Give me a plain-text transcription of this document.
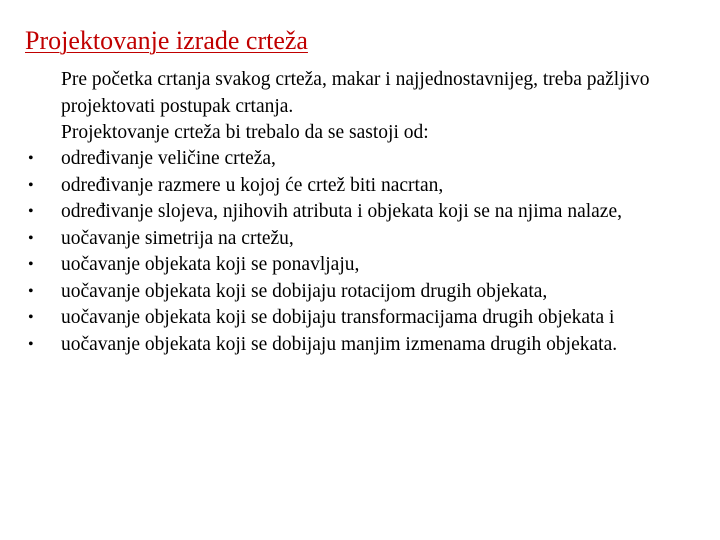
Projektovanje izrade crteža

Pre početka crtanja svakog crteža, makar i najjednostavnijeg, treba pažljivo projektovati postupak crtanja.

Projektovanje crteža bi trebalo da se sastoji od:

• određivanje veličine crteža,
• određivanje razmere u kojoj će crtež biti nacrtan,
• određivanje slojeva, njihovih atributa i objekata koji se na njima nalaze,
• uočavanje simetrija na crtežu,
• uočavanje objekata koji se ponavljaju,
• uočavanje objekata koji se dobijaju rotacijom drugih objekata,
• uočavanje objekata koji se dobijaju transformacijama drugih objekata i
• uočavanje objekata koji se dobijaju manjim izmenama drugih objekata.
